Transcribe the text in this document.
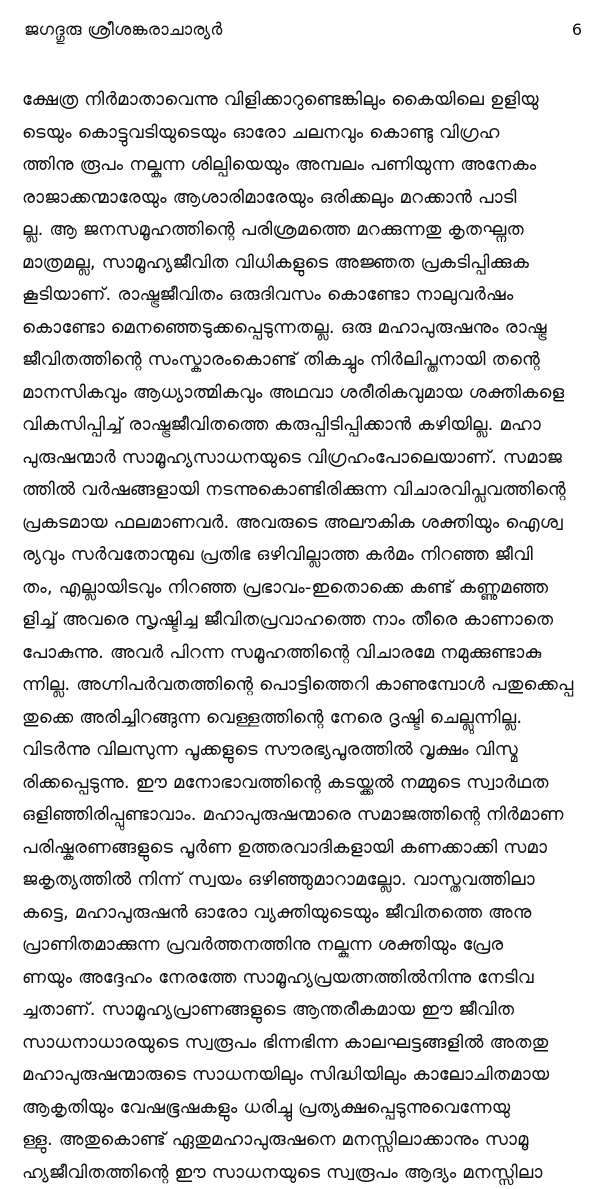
ജഗദ്ഗുരു ശ്രീശങ്കരാചാര്യർ	6
ക്ഷേത്ര നിർമാതാവെന്നു വിളിക്കാറുണ്ടെങ്കിലും കൈയിലെ ഉളിയു
ടെയും കൊട്ടുവടിയുടെയും ഓരോ ചലനവും കൊണ്ടു വിഗ്രഹ
ത്തിനു രൂപം നല്കുന്ന ശില്പിയെയും അമ്പലം പണിയുന്ന അനേകം
രാജാക്കന്മാരേയും ആശാരിമാരേയും ഒരിക്കലും മറക്കാൻ പാടി
ല്ല. ആ ജനസമൂഹത്തിന്റെ പരിശ്രമത്തെ മറക്കുന്നതു കൃതഘ്നത
മാത്രമല്ല, സാമൂഹ്യജീവിത വിധികളുടെ അജ്ഞത പ്രകടിപ്പിക്കുക
കൂടിയാണ്. രാഷ്ട്രജീവിതം ഒരുദിവസം കൊണ്ടോ നാലുവർഷം
കൊണ്ടോ മെനഞ്ഞെടുക്കപ്പെടുന്നതല്ല. ഒരു മഹാപുരുഷനും രാഷ്ട്ര
ജീവിതത്തിന്റെ സംസ്കാരംകൊണ്ട് തികച്ചും നിർലിപ്തനായി തന്റെ
മാനസികവും ആധ്യാത്മികവും അഥവാ ശരീരികവുമായ ശക്തികളെ
വികസിപ്പിച്ച് രാഷ്ട്രജീവിതത്തെ കരുപ്പിടിപ്പിക്കാൻ കഴിയില്ല. മഹാ
പുരുഷന്മാർ സാമൂഹ്യസാധനയുടെ വിഗ്രഹംപോലെയാണ്. സമാജ
ത്തിൽ വർഷങ്ങളായി നടന്നുകൊണ്ടിരിക്കുന്ന വിചാരവിപ്ലവത്തിന്റെ
പ്രകടമായ ഫലമാണവർ. അവരുടെ അലൗകിക ശക്തിയും ഐശ്വ
ര്യവും സർവതോന്മുഖ പ്രതിഭ ഒഴിവില്ലാത്ത കർമം നിറഞ്ഞ ജീവി
തം, എല്ലായിടവും നിറഞ്ഞ പ്രഭാവം-ഇതൊക്കെ കണ്ട് കണ്ണുമഞ്ഞ
ളിച്ച് അവരെ സൃഷ്ടിച്ച ജീവിതപ്രവാഹത്തെ നാം തീരെ കാണാതെ
പോകുന്നു. അവർ പിറന്ന സമൂഹത്തിന്റെ വിചാരമേ നമുക്കുണ്ടാകു
ന്നില്ല. അഗ്നിപർവതത്തിന്റെ പൊട്ടിത്തെറി കാണുമ്പോൾ പതുക്കെപ്പ
തുക്കെ അരിച്ചിറങ്ങുന്ന വെള്ളത്തിന്റെ നേരെ ദൃഷ്ടി ചെല്ലുന്നില്ല.
വിടർന്നു വിലസുന്ന പൂക്കളുടെ സൗരഭ്യപൂരത്തിൽ വൃക്ഷം വിസ്മ
രിക്കപ്പെടുന്നു. ഈ മനോഭാവത്തിന്റെ കടയ്ക്കൽ നമ്മുടെ സ്വാർഥത
ഒളിഞ്ഞിരിപ്പുണ്ടാവാം. മഹാപുരുഷന്മാരെ സമാജത്തിന്റെ നിർമാണ
പരിഷ്കരണങ്ങളുടെ പൂർണ ഉത്തരവാദികളായി കണക്കാക്കി സമാ
ജകൃത്യത്തിൽ നിന്ന് സ്വയം ഒഴിഞ്ഞുമാറാമല്ലോ. വാസ്തവത്തിലാ
കട്ടെ, മഹാപുരുഷൻ ഓരോ വ്യക്തിയുടെയും ജീവിതത്തെ അനു
പ്രാണിതമാക്കുന്ന പ്രവർത്തനത്തിനു നല്കുന്ന ശക്തിയും പ്രേര
ണയും അദ്ദേഹം നേരത്തേ സാമൂഹ്യപ്രയത്നത്തിൽനിന്നു നേടിവ
ച്ചതാണ്. സാമൂഹ്യപ്രാണങ്ങളുടെ ആന്തരീകമായ ഈ ജീവിത
സാധനാധാരയുടെ സ്വരൂപം ഭിന്നഭിന്ന കാലഘട്ടങ്ങളിൽ അതതു
മഹാപുരുഷന്മാരുടെ സാധനയിലും സിദ്ധിയിലും കാലോചിതമായ
ആകൃതിയും വേഷഭൂഷകളും ധരിച്ചു പ്രത്യക്ഷപ്പെടുന്നുവെന്നേയു
ള്ളു. അതുകൊണ്ട് ഏതുമഹാപുരുഷനെ മനസ്സിലാക്കാനും സാമൂ
ഹ്യജീവിതത്തിന്റെ ഈ സാധനയുടെ സ്വരൂപം ആദ്യം മനസ്സിലാ
